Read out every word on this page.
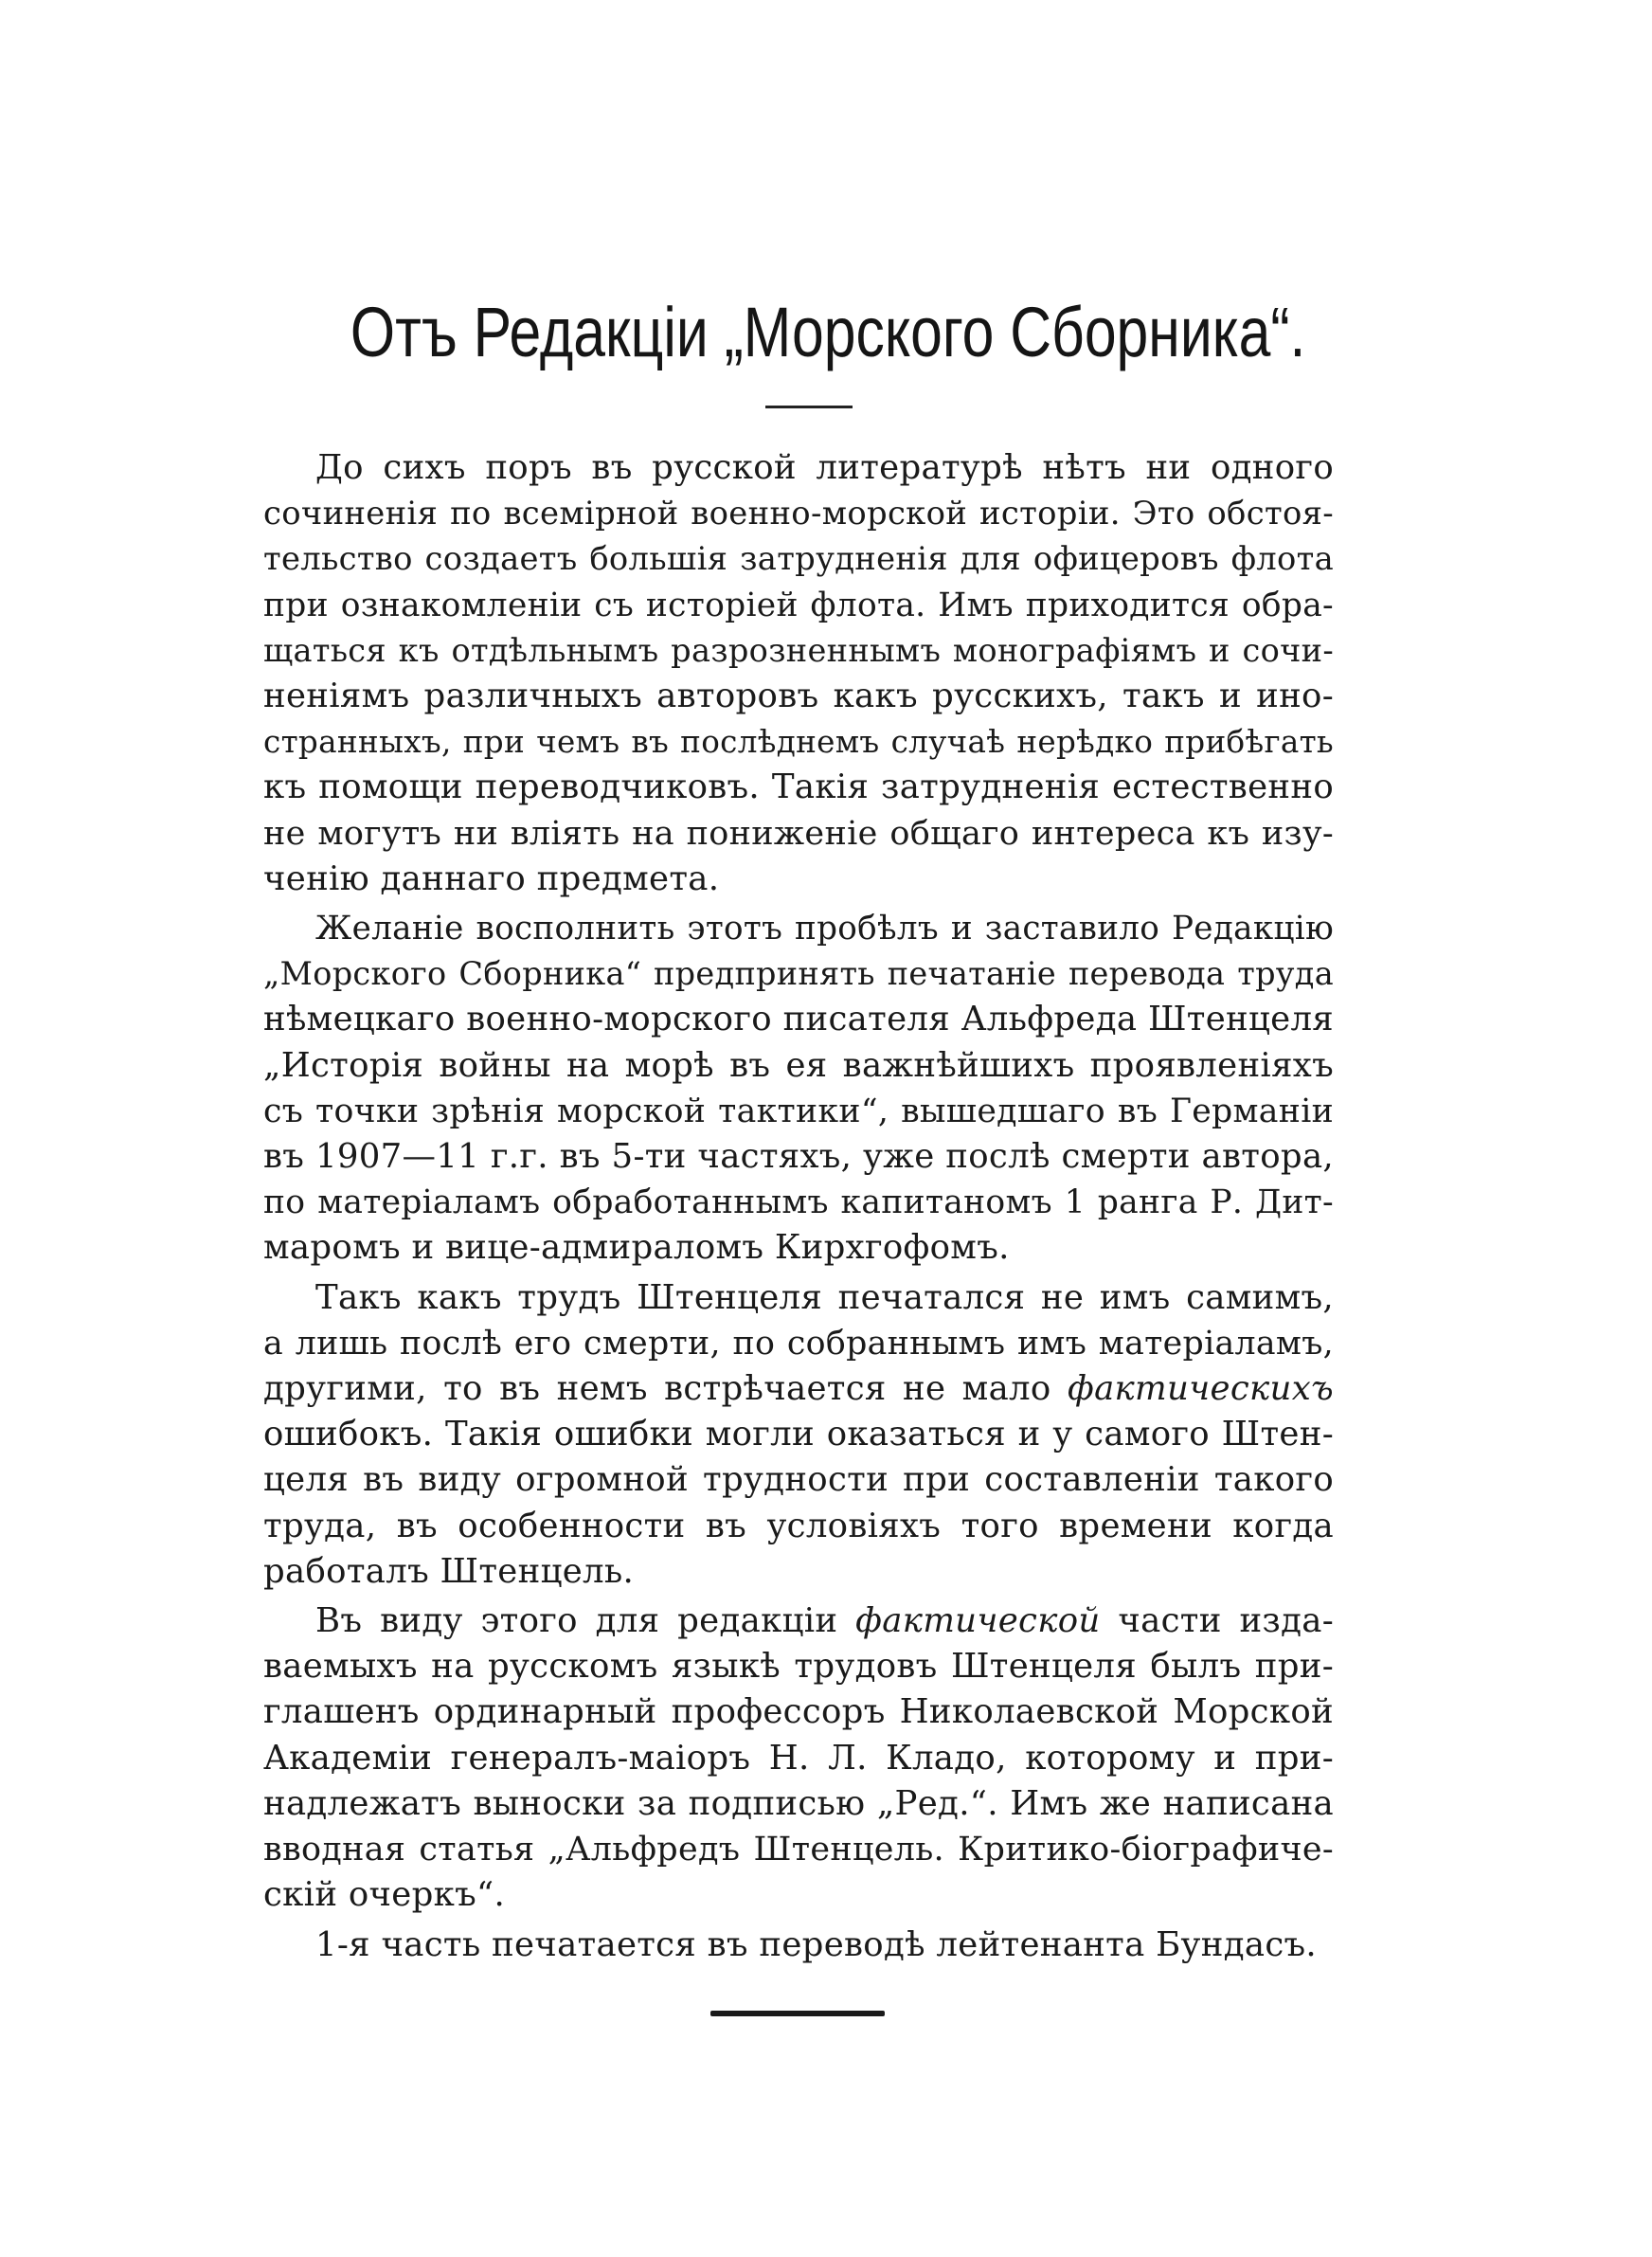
Отъ Редакціи „Морского Сборника“.
До сихъ поръ въ русской литературѣ нѣтъ ни одного
сочиненія по всемірной военно-морской исторіи. Это обстоя-
тельство создаетъ большія затрудненія для офицеровъ флота
при ознакомленіи съ исторіей флота. Имъ приходится обра-
щаться къ отдѣльнымъ разрозненнымъ монографіямъ и сочи-
неніямъ различныхъ авторовъ какъ русскихъ, такъ и ино-
странныхъ, при чемъ въ послѣднемъ случаѣ нерѣдко прибѣгать
къ помощи переводчиковъ. Такія затрудненія естественно
не могутъ ни вліять на пониженіе общаго интереса къ изу-
ченію даннаго предмета.
Желаніе восполнить этотъ пробѣлъ и заставило Редакцію
„Морского Сборника“ предпринять печатаніе перевода труда
нѣмецкаго военно-морского писателя Альфреда Штенцеля
„Исторія войны на морѣ въ ея важнѣйшихъ проявленіяхъ
съ точки зрѣнія морской тактики“, вышедшаго въ Германіи
въ 1907—11 г.г. въ 5-ти частяхъ, уже послѣ смерти автора,
по матеріаламъ обработаннымъ капитаномъ 1 ранга Р. Дит-
маромъ и вице-адмираломъ Кирхгофомъ.
Такъ какъ трудъ Штенцеля печатался не имъ самимъ,
а лишь послѣ его смерти, по собраннымъ имъ матеріаламъ,
другими, то въ немъ встрѣчается не мало фактическихъ
ошибокъ. Такія ошибки могли оказаться и у самого Штен-
целя въ виду огромной трудности при составленіи такого
труда, въ особенности въ условіяхъ того времени когда
работалъ Штенцель.
Въ виду этого для редакціи фактической части изда-
ваемыхъ на русскомъ языкѣ трудовъ Штенцеля былъ при-
глашенъ ординарный профессоръ Николаевской Морской
Академіи генералъ-маіоръ Н. Л. Кладо, которому и при-
надлежатъ выноски за подписью „Ред.“. Имъ же написана
вводная статья „Альфредъ Штенцель. Критико-біографиче-
скій очеркъ“.
1-я часть печатается въ переводѣ лейтенанта Бундасъ.
